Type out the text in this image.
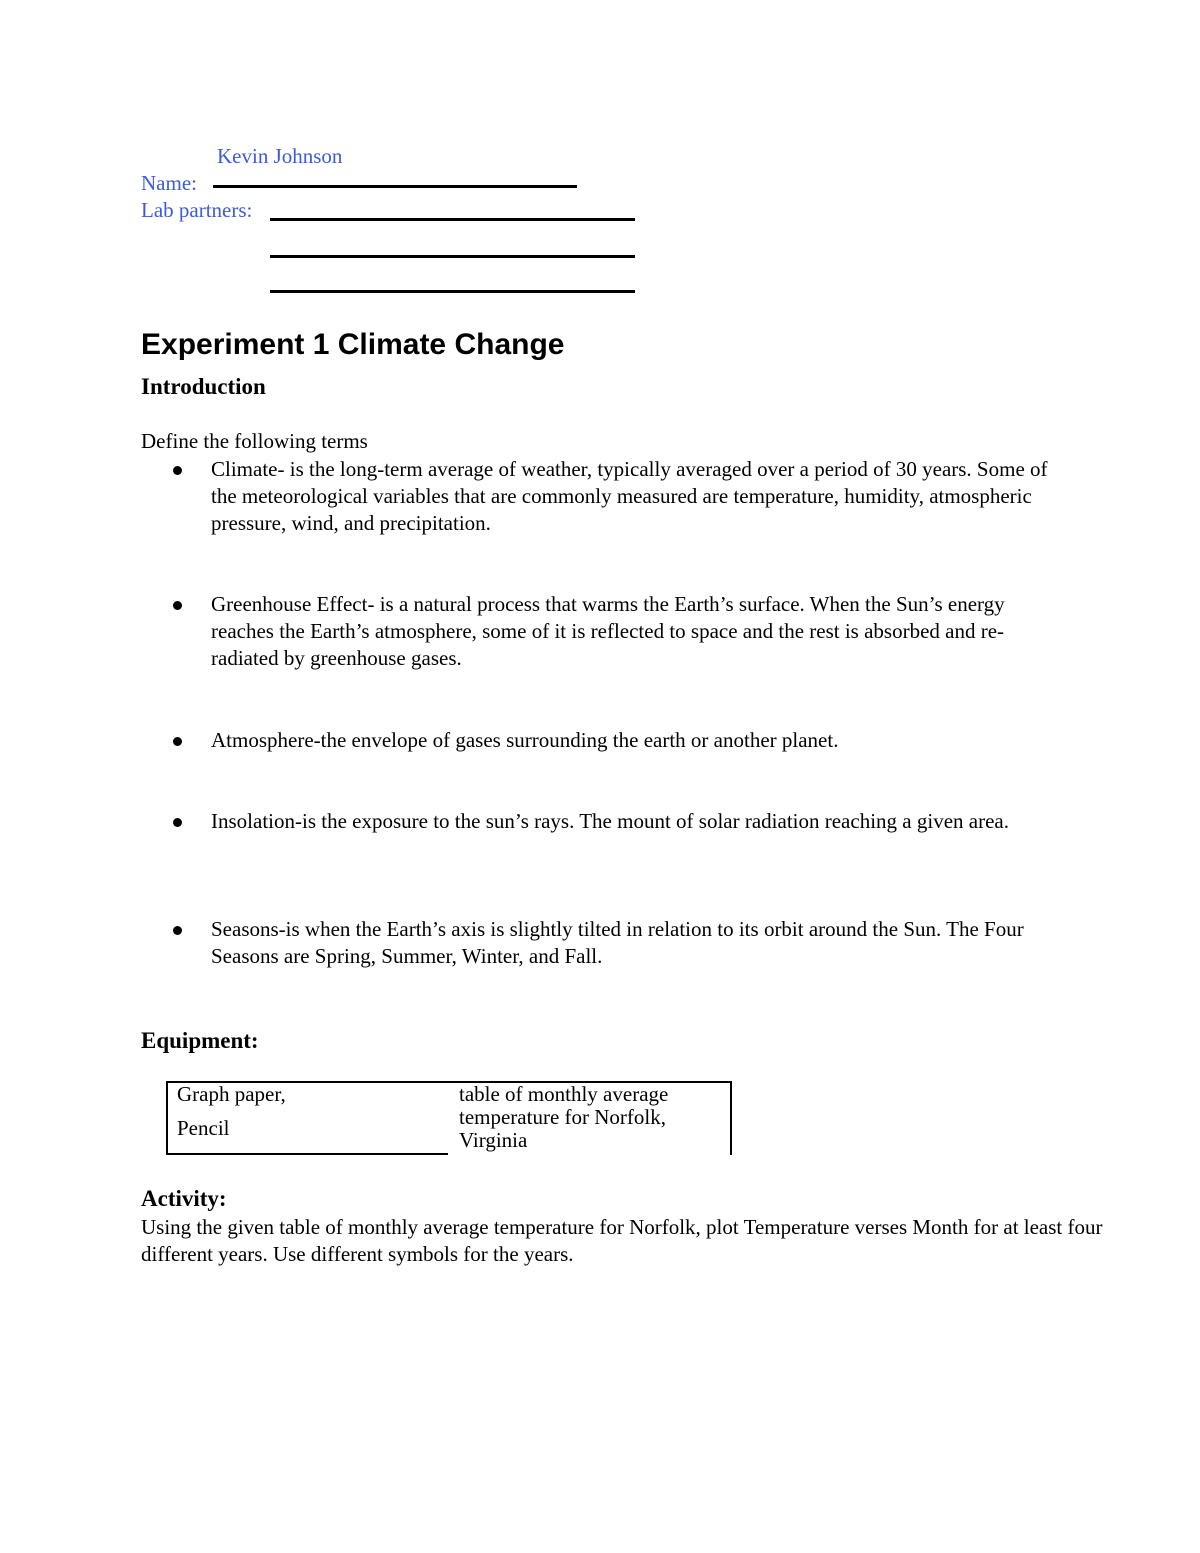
Kevin Johnson
Name:
Lab partners:
Experiment 1 Climate Change
Introduction
Define the following terms
Climate- is the long-term average of weather, typically averaged over a period of 30 years. Some of the meteorological variables that are commonly measured are temperature, humidity, atmospheric pressure, wind, and precipitation.
Greenhouse Effect- is a natural process that warms the Earth’s surface. When the Sun’s energy reaches the Earth’s atmosphere, some of it is reflected to space and the rest is absorbed and re-radiated by greenhouse gases.
Atmosphere-the envelope of gases surrounding the earth or another planet.
Insolation-is the exposure to the sun’s rays. The mount of solar radiation reaching a given area.
Seasons-is when the Earth’s axis is slightly tilted in relation to its orbit around the Sun. The Four Seasons are Spring, Summer, Winter, and Fall.
Equipment:
Graph paper,
Pencil
table of monthly average temperature for Norfolk, Virginia
Activity:
Using the given table of monthly average temperature for Norfolk, plot Temperature verses Month for at least four different years. Use different symbols for the years.
